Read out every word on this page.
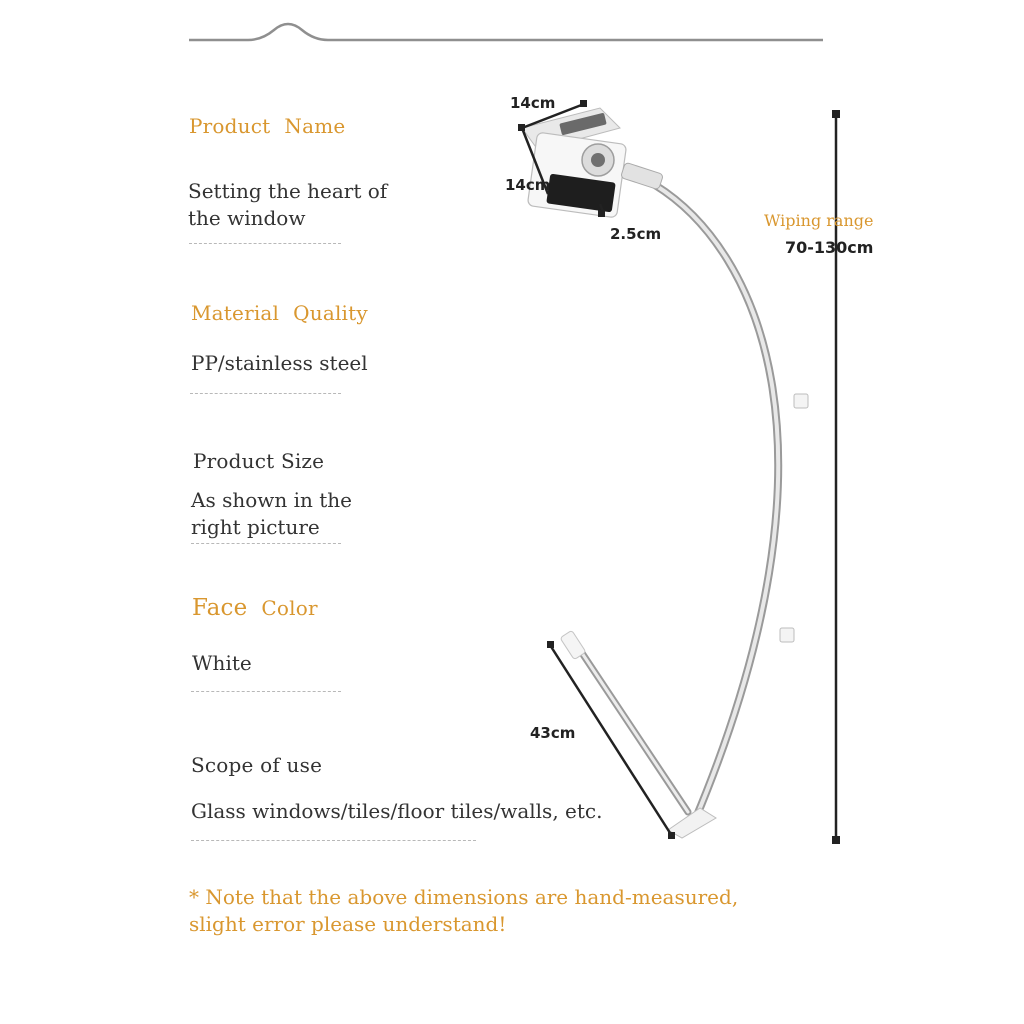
Product Name
Setting the heart of the window
Material Quality
PP/stainless steel
Product Size
As shown in the right picture
Face Color
White
Scope of use
Glass windows/tiles/floor tiles/walls, etc.
* Note that the above dimensions are hand-measured, slight error please understand!
14cm
14cm
2.5cm
43cm
Wiping range
70-130cm
